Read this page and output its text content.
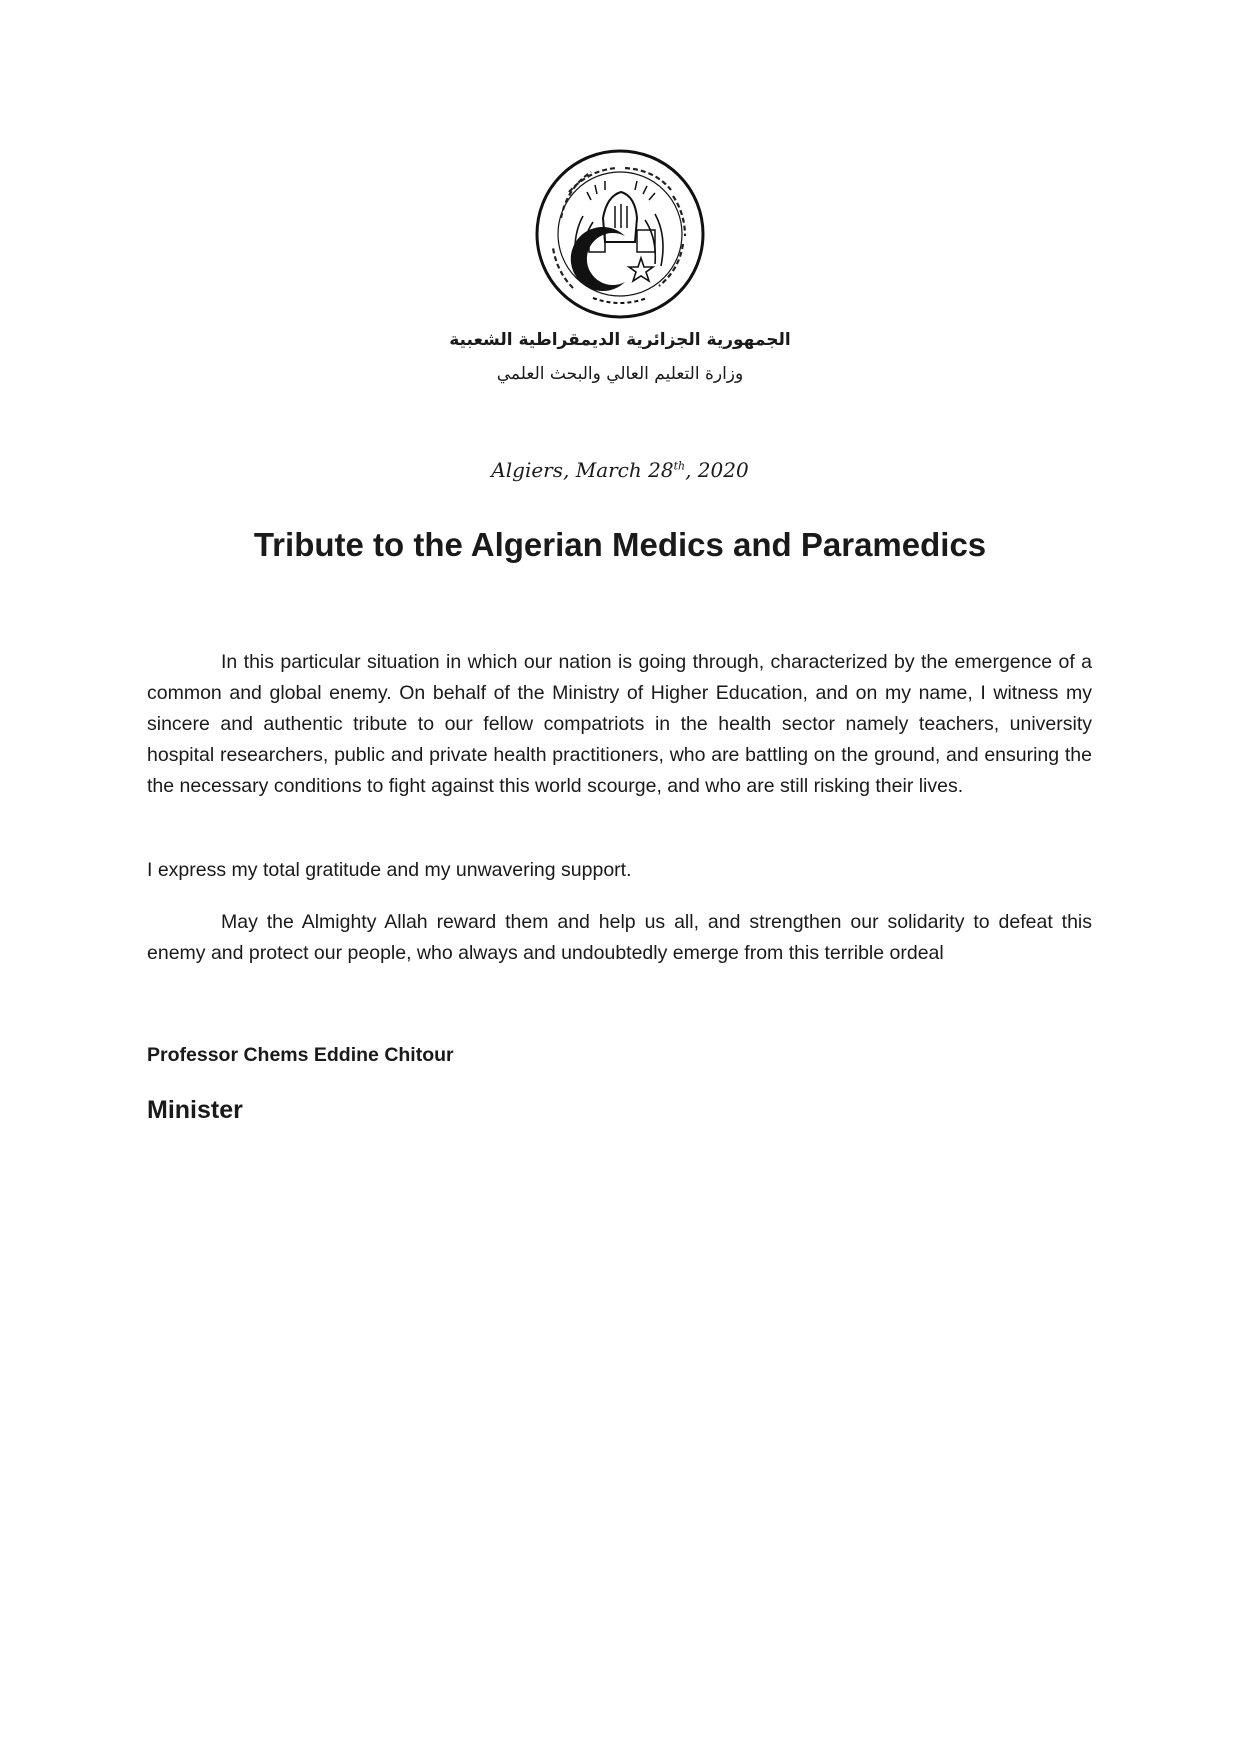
الجمهورية الجزائرية الديمقراطية الشعبية
وزارة التعليم العالي والبحث العلمي
Algiers, March 28th, 2020
Tribute to the Algerian Medics and Paramedics
In this particular situation in which our nation is going through, characterized by the emergence of a common and global enemy. On behalf of the Ministry of Higher Education, and on my name, I witness my sincere and authentic tribute to our fellow compatriots in the health sector namely teachers, university hospital researchers, public and private health practitioners, who are battling on the ground, and ensuring the the necessary conditions to fight against this world scourge, and who are still risking their lives.
I express my total gratitude and my unwavering support.
May the Almighty Allah reward them and help us all, and strengthen our solidarity to defeat this enemy and protect our people, who always and undoubtedly emerge from this terrible ordeal
Professor Chems Eddine Chitour
Minister
